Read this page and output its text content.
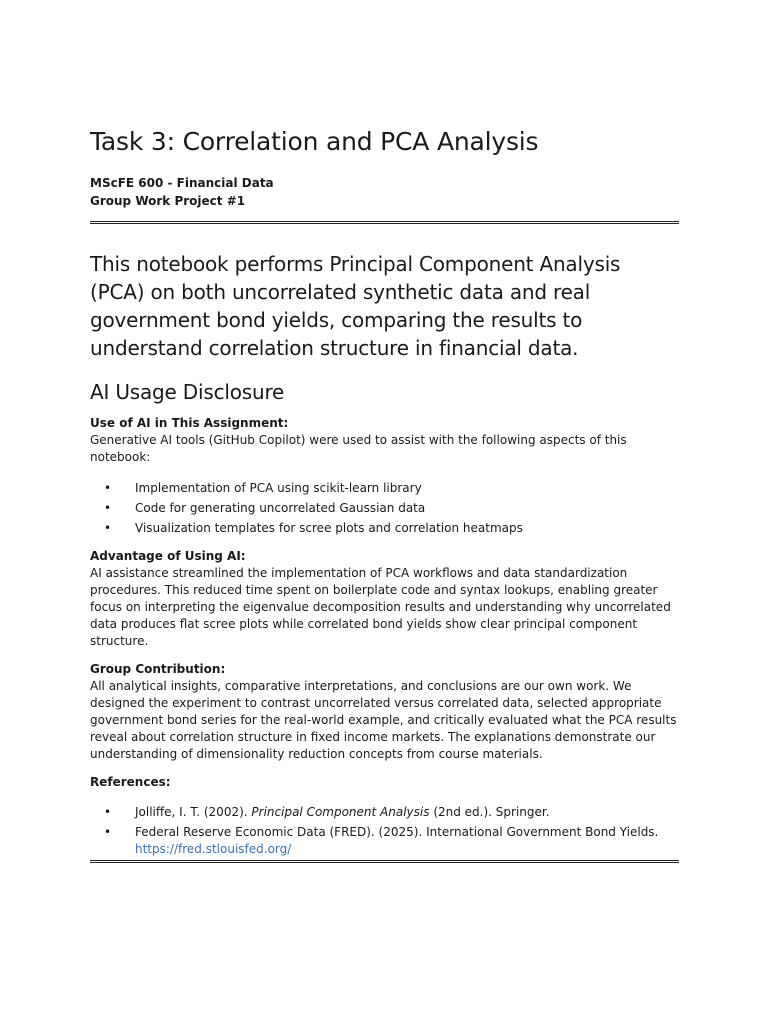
Task 3: Correlation and PCA Analysis
MScFE 600 - Financial Data
Group Work Project #1

This notebook performs Principal Component Analysis (PCA) on both uncorrelated synthetic data and real government bond yields, comparing the results to understand correlation structure in financial data.

AI Usage Disclosure
Use of AI in This Assignment:

Generative AI tools (GitHub Copilot) were used to assist with the following aspects of this notebook:

• Implementation of PCA using scikit-learn library
• Code for generating uncorrelated Gaussian data
• Visualization templates for scree plots and correlation heatmaps
Advantage of Using AI:

AI assistance streamlined the implementation of PCA workflows and data standardization procedures. This reduced time spent on boilerplate code and syntax lookups, enabling greater focus on interpreting the eigenvalue decomposition results and understanding why uncorrelated data produces flat scree plots while correlated bond yields show clear principal component structure.

Group Contribution:

All analytical insights, comparative interpretations, and conclusions are our own work. We designed the experiment to contrast uncorrelated versus correlated data, selected appropriate government bond series for the real-world example, and critically evaluated what the PCA results reveal about correlation structure in fixed income markets. The explanations demonstrate our understanding of dimensionality reduction concepts from course materials.

References:
• Jolliffe, I. T. (2002). Principal Component Analysis (2nd ed.). Springer.
• Federal Reserve Economic Data (FRED). (2025). International Government Bond Yields.
https://fred.stlouisfed.org/
